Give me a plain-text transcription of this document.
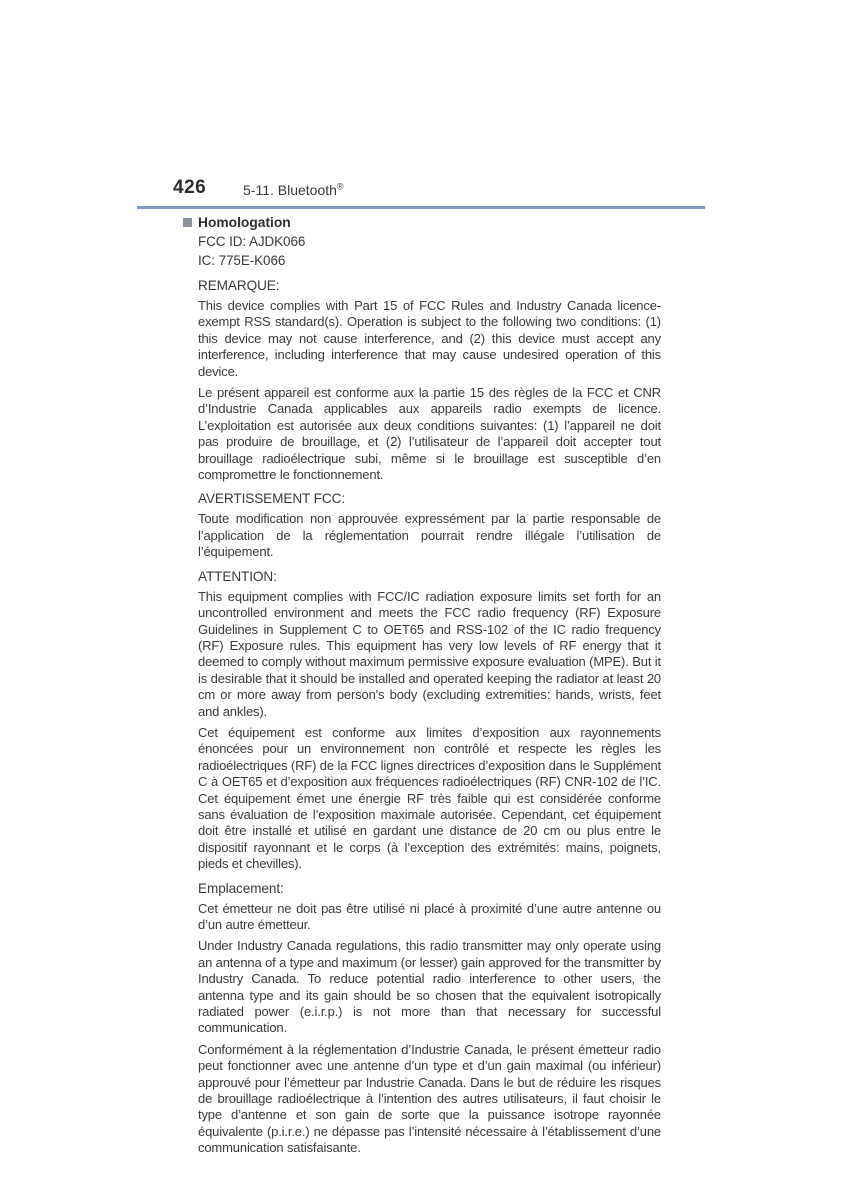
426	5-11. Bluetooth®
Homologation
FCC ID: AJDK066
IC: 775E-K066
REMARQUE:

This device complies with Part 15 of FCC Rules and Industry Canada licence-exempt RSS standard(s). Operation is subject to the following two conditions: (1) this device may not cause interference, and (2) this device must accept any interference, including interference that may cause undesired operation of this device.

Le présent appareil est conforme aux la partie 15 des règles de la FCC et CNR d’Industrie Canada applicables aux appareils radio exempts de licence. L’exploitation est autorisée aux deux conditions suivantes: (1) l’appareil ne doit pas produire de brouillage, et (2) l’utilisateur de l’appareil doit accepter tout brouillage radioélectrique subi, même si le brouillage est susceptible d’en compromettre le fonctionnement.

AVERTISSEMENT FCC:

Toute modification non approuvée expressément par la partie responsable de l’application de la réglementation pourrait rendre illégale l’utilisation de l’équipement.

ATTENTION:

This equipment complies with FCC/IC radiation exposure limits set forth for an uncontrolled environment and meets the FCC radio frequency (RF) Exposure Guidelines in Supplement C to OET65 and RSS-102 of the IC radio frequency (RF) Exposure rules. This equipment has very low levels of RF energy that it deemed to comply without maximum permissive exposure evaluation (MPE). But it is desirable that it should be installed and operated keeping the radiator at least 20 cm or more away from person's body (excluding extremities: hands, wrists, feet and ankles).

Cet équipement est conforme aux limites d’exposition aux rayonnements énoncées pour un environnement non contrôlé et respecte les règles les radioélectriques (RF) de la FCC lignes directrices d’exposition dans le Supplément C à OET65 et d’exposition aux fréquences radioélectriques (RF) CNR-102 de l’IC. Cet équipement émet une énergie RF très faible qui est considérée conforme sans évaluation de l’exposition maximale autorisée. Cependant, cet équipement doit être installé et utilisé en gardant une distance de 20 cm ou plus entre le dispositif rayonnant et le corps (à l’exception des extrémités: mains, poignets, pieds et chevilles).

Emplacement:

Cet émetteur ne doit pas être utilisé ni placé à proximité d’une autre antenne ou d’un autre émetteur.

Under Industry Canada regulations, this radio transmitter may only operate using an antenna of a type and maximum (or lesser) gain approved for the transmitter by Industry Canada. To reduce potential radio interference to other users, the antenna type and its gain should be so chosen that the equivalent isotropically radiated power (e.i.r.p.) is not more than that necessary for successful communication.

Conformément à la réglementation d’Industrie Canada, le présent émetteur radio peut fonctionner avec une antenne d’un type et d’un gain maximal (ou inférieur) approuvé pour l’émetteur par Industrie Canada. Dans le but de réduire les risques de brouillage radioélectrique à l’intention des autres utilisateurs, il faut choisir le type d’antenne et son gain de sorte que la puissance isotrope rayonnée équivalente (p.i.r.e.) ne dépasse pas l’intensité nécessaire à l’établissement d’une communication satisfaisante.
